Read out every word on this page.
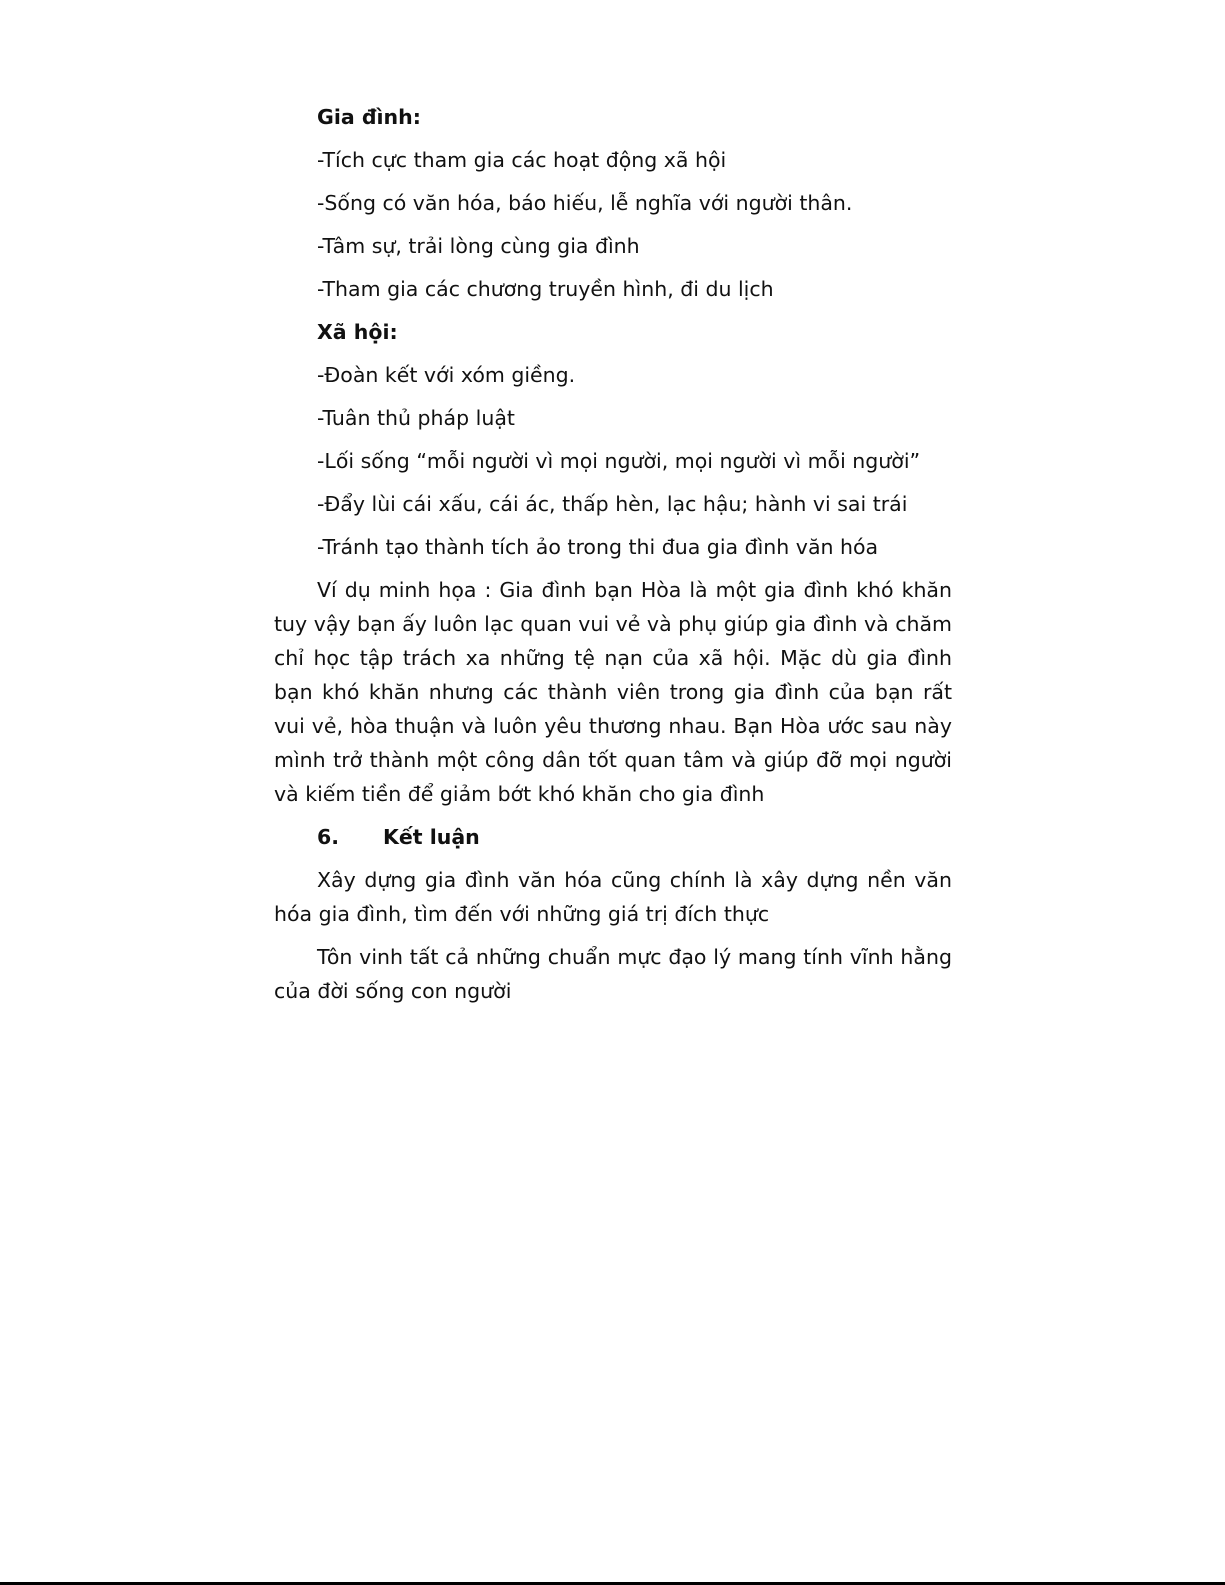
Gia đình:

-Tích cực tham gia các hoạt động xã hội

-Sống có văn hóa, báo hiếu, lễ nghĩa với người thân.

-Tâm sự, trải lòng cùng gia đình

-Tham gia các chương truyền hình, đi du lịch

Xã hội:

-Đoàn kết với xóm giềng.

-Tuân thủ pháp luật

-Lối sống “mỗi người vì mọi người, mọi người vì mỗi người”

-Đẩy lùi cái xấu, cái ác, thấp hèn, lạc hậu; hành vi sai trái

-Tránh tạo thành tích ảo trong thi đua gia đình văn hóa

Ví dụ minh họa : Gia đình bạn Hòa là một gia đình khó khăn tuy vậy bạn ấy luôn lạc quan vui vẻ và phụ giúp gia đình và chăm chỉ học tập trách xa những tệ nạn của xã hội. Mặc dù gia đình bạn khó khăn nhưng các thành viên trong gia đình của bạn rất vui vẻ, hòa thuận và luôn yêu thương nhau. Bạn Hòa ước sau này mình trở thành một công dân tốt quan tâm và giúp đỡ mọi người và kiếm tiền để giảm bớt khó khăn cho gia đình

6. Kết luận

Xây dựng gia đình văn hóa cũng chính là xây dựng nền văn hóa gia đình, tìm đến với những giá trị đích thực

Tôn vinh tất cả những chuẩn mực đạo lý mang tính vĩnh hằng của đời sống con người
